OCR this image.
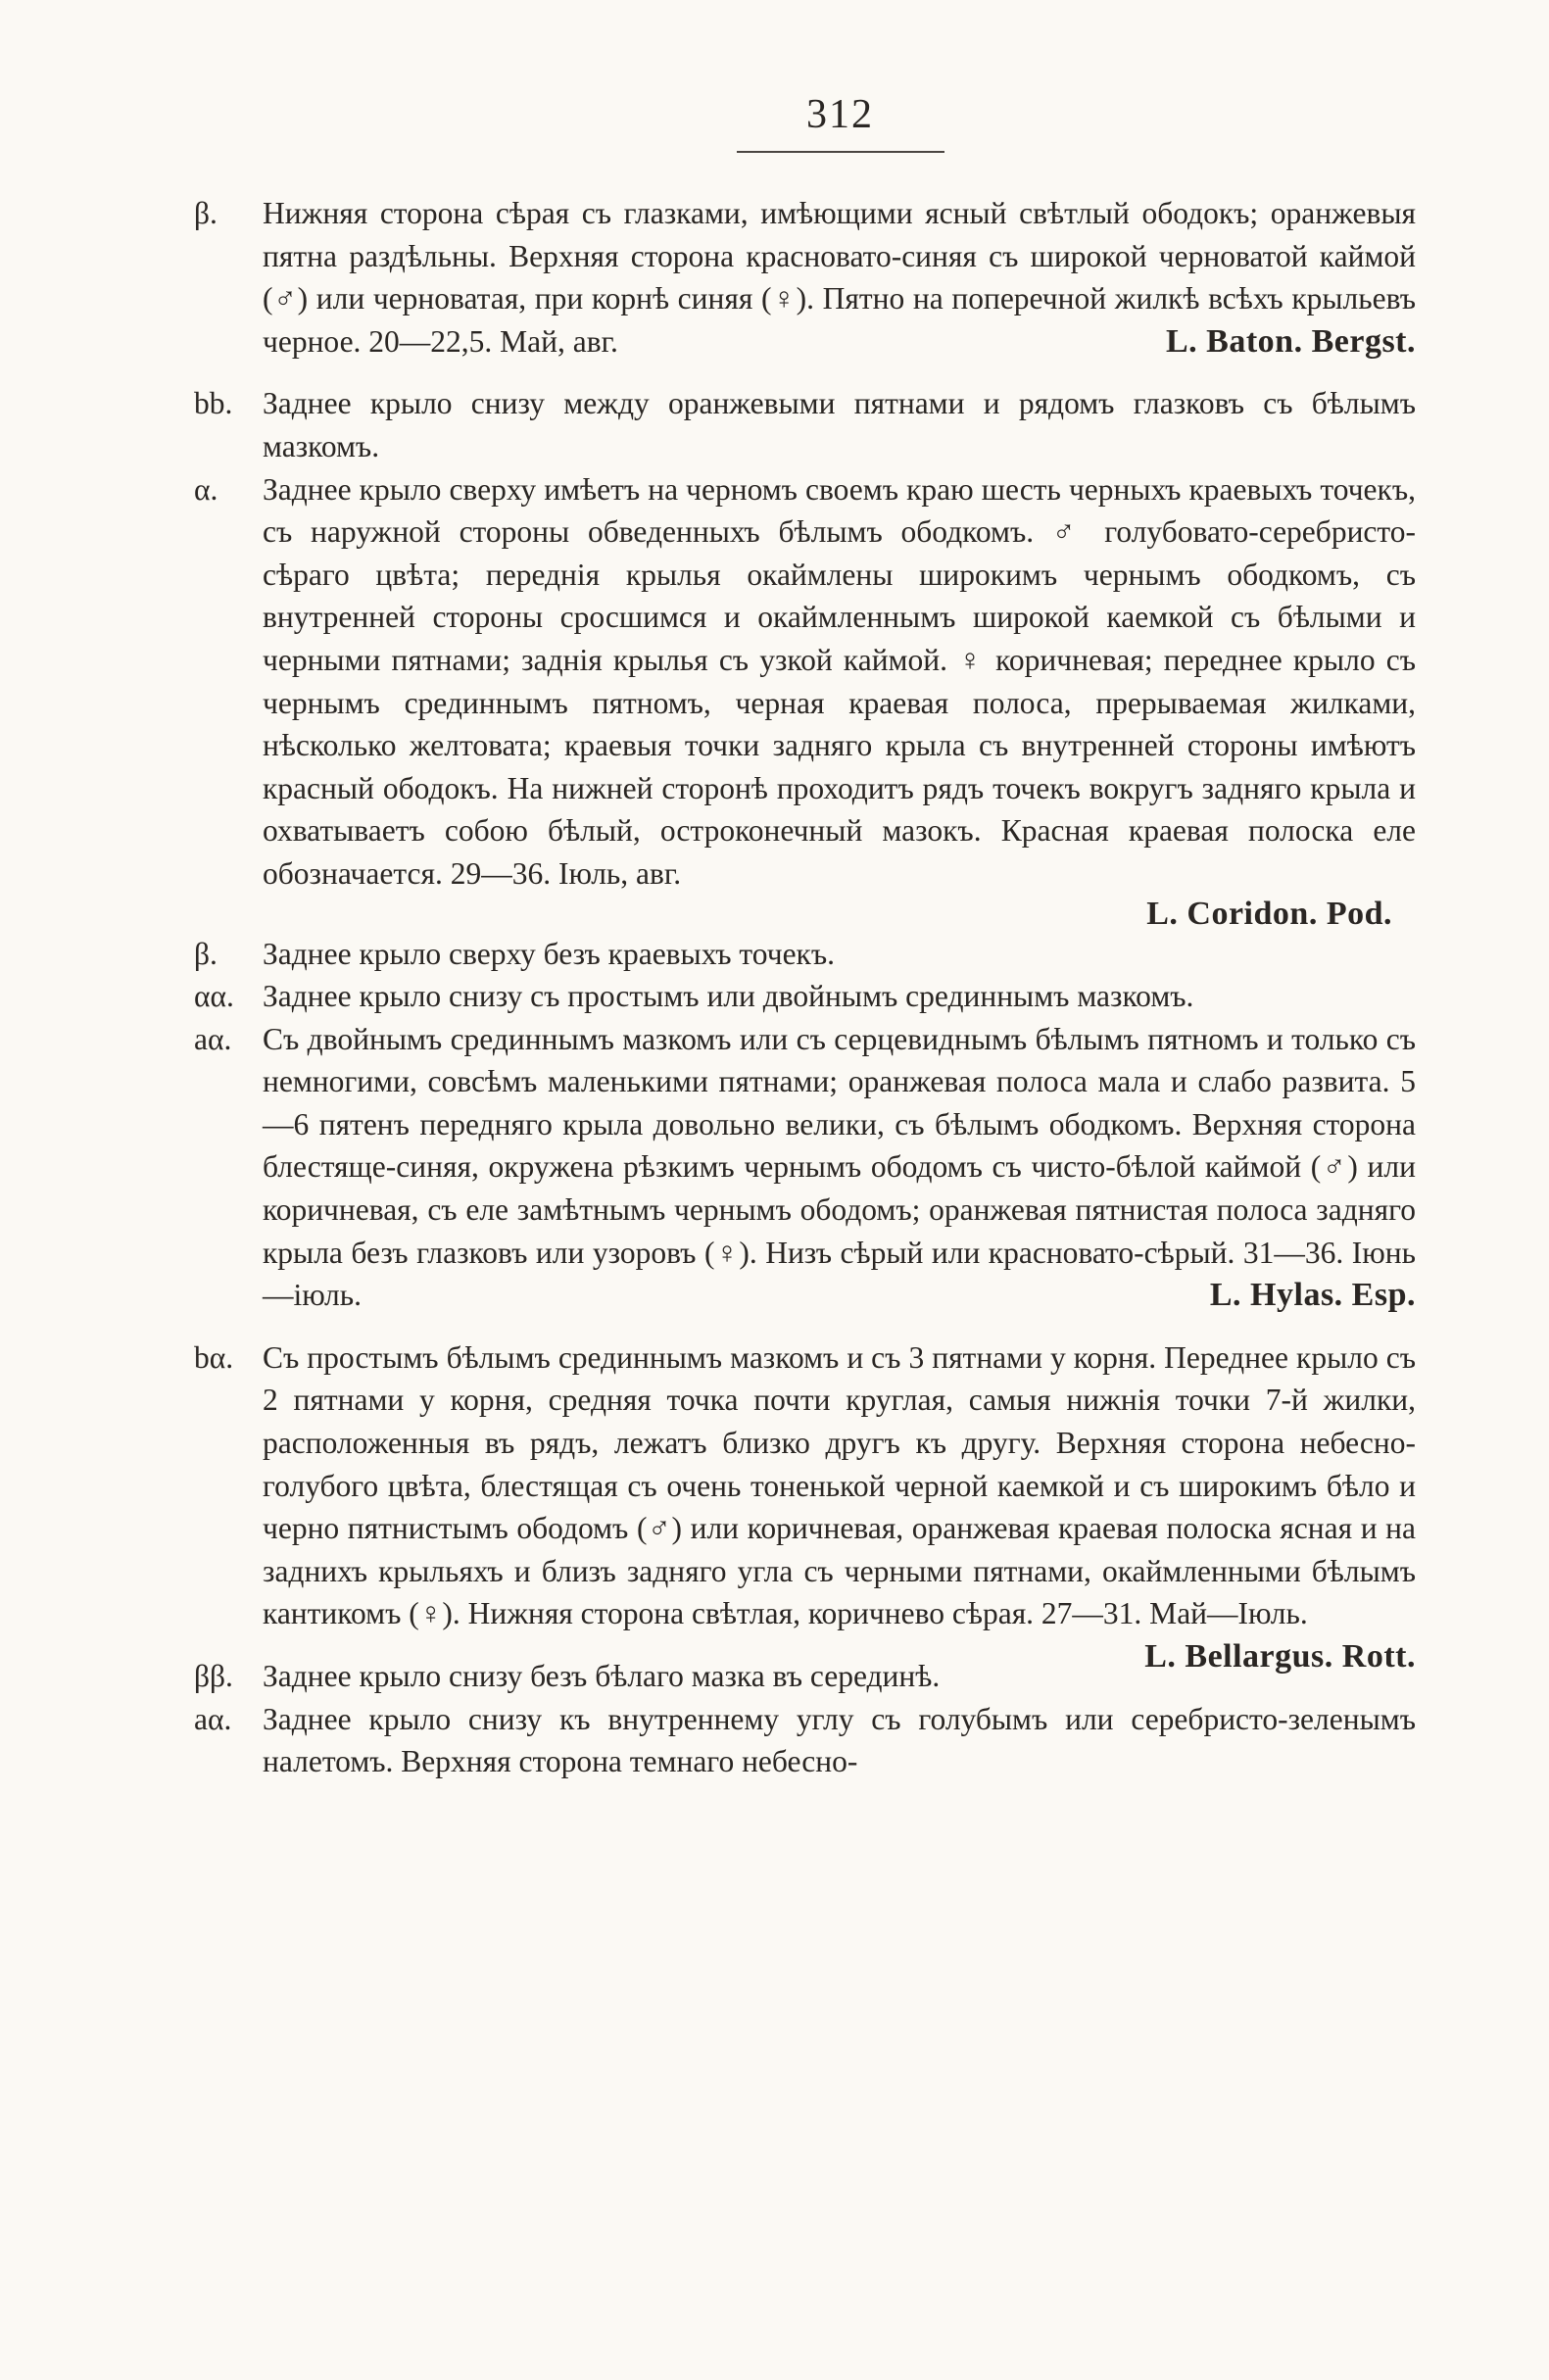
312
β.	Нижняя сторона сѣрая съ глазками, имѣющими ясный свѣтлый ободокъ; оранжевыя пятна раздѣльны. Верхняя сторона красновато-синяя съ широкой черноватой каймой (♂) или черноватая, при корнѣ синяя (♀). Пятно на поперечной жилкѣ всѣхъ крыльевъ черное. 20—22,5. Май, авг.	L. Baton. Bergst.
bb. Заднее крыло снизу между оранжевыми пятнами и рядомъ глазковъ съ бѣлымъ мазкомъ.
α.	Заднее крыло сверху имѣетъ на черномъ своемъ краю шесть черныхъ краевыхъ точекъ, съ наружной стороны обведенныхъ бѣлымъ ободкомъ. ♂ голубовато-серебристо-сѣраго цвѣта; переднія крылья окаймлены широкимъ чернымъ ободкомъ, съ внутренней стороны сросшимся и окаймленнымъ широкой каемкой съ бѣлыми и черными пятнами; заднія крылья съ узкой каймой. ♀ коричневая; переднее крыло съ чернымъ срединнымъ пятномъ, черная краевая полоса, прерываемая жилками, нѣсколько желтовата; краевыя точки задняго крыла съ внутренней стороны имѣютъ красный ободокъ. На нижней сторонѣ проходитъ рядъ точекъ вокругъ задняго крыла и охватываетъ собою бѣлый, остроконечный мазокъ. Красная краевая полоска еле обозначается. 29—36. Іюль, авг.
L. Coridon. Pod.
β.	Заднее крыло сверху безъ краевыхъ точекъ.
αα. Заднее крыло снизу съ простымъ или двойнымъ срединнымъ мазкомъ.
aα.	Съ двойнымъ срединнымъ мазкомъ или съ серцевиднымъ бѣлымъ пятномъ и только съ немногими, совсѣмъ маленькими пятнами; оранжевая полоса мала и слабо развита. 5—6 пятенъ передняго крыла довольно велики, съ бѣлымъ ободкомъ. Верхняя сторона блестяще-синяя, окружена рѣзкимъ чернымъ ободомъ съ чисто-бѣлой каймой (♂) или коричневая, съ еле замѣтнымъ чернымъ ободомъ; оранжевая пятнистая полоса задняго крыла безъ глазковъ или узоровъ (♀). Низъ сѣрый или красновато-сѣрый. 31—36. Іюнь—іюль.	L. Hylas. Esp.
bα. Съ простымъ бѣлымъ срединнымъ мазкомъ и съ 3 пятнами у корня. Переднее крыло съ 2 пятнами у корня, средняя точка почти круглая, самыя нижнія точки 7-й жилки, расположенныя въ рядъ, лежатъ близко другъ къ другу. Верхняя сторона небесно-голубого цвѣта, блестящая съ очень тоненькой черной каемкой и съ широкимъ бѣло и черно пятнистымъ ободомъ (♂) или коричневая, оранжевая краевая полоска ясная и на заднихъ крыльяхъ и близъ задняго угла съ черными пятнами, окаймленными бѣлымъ кантикомъ (♀). Нижняя сторона свѣтлая, коричнево сѣрая. 27—31. Май—Іюль.
L. Bellargus. Rott.
ββ. Заднее крыло снизу безъ бѣлаго мазка въ серединѣ.
aα.	Заднее крыло снизу къ внутреннему углу съ голубымъ или серебристо-зеленымъ налетомъ. Верхняя сторона темнаго небесно-
